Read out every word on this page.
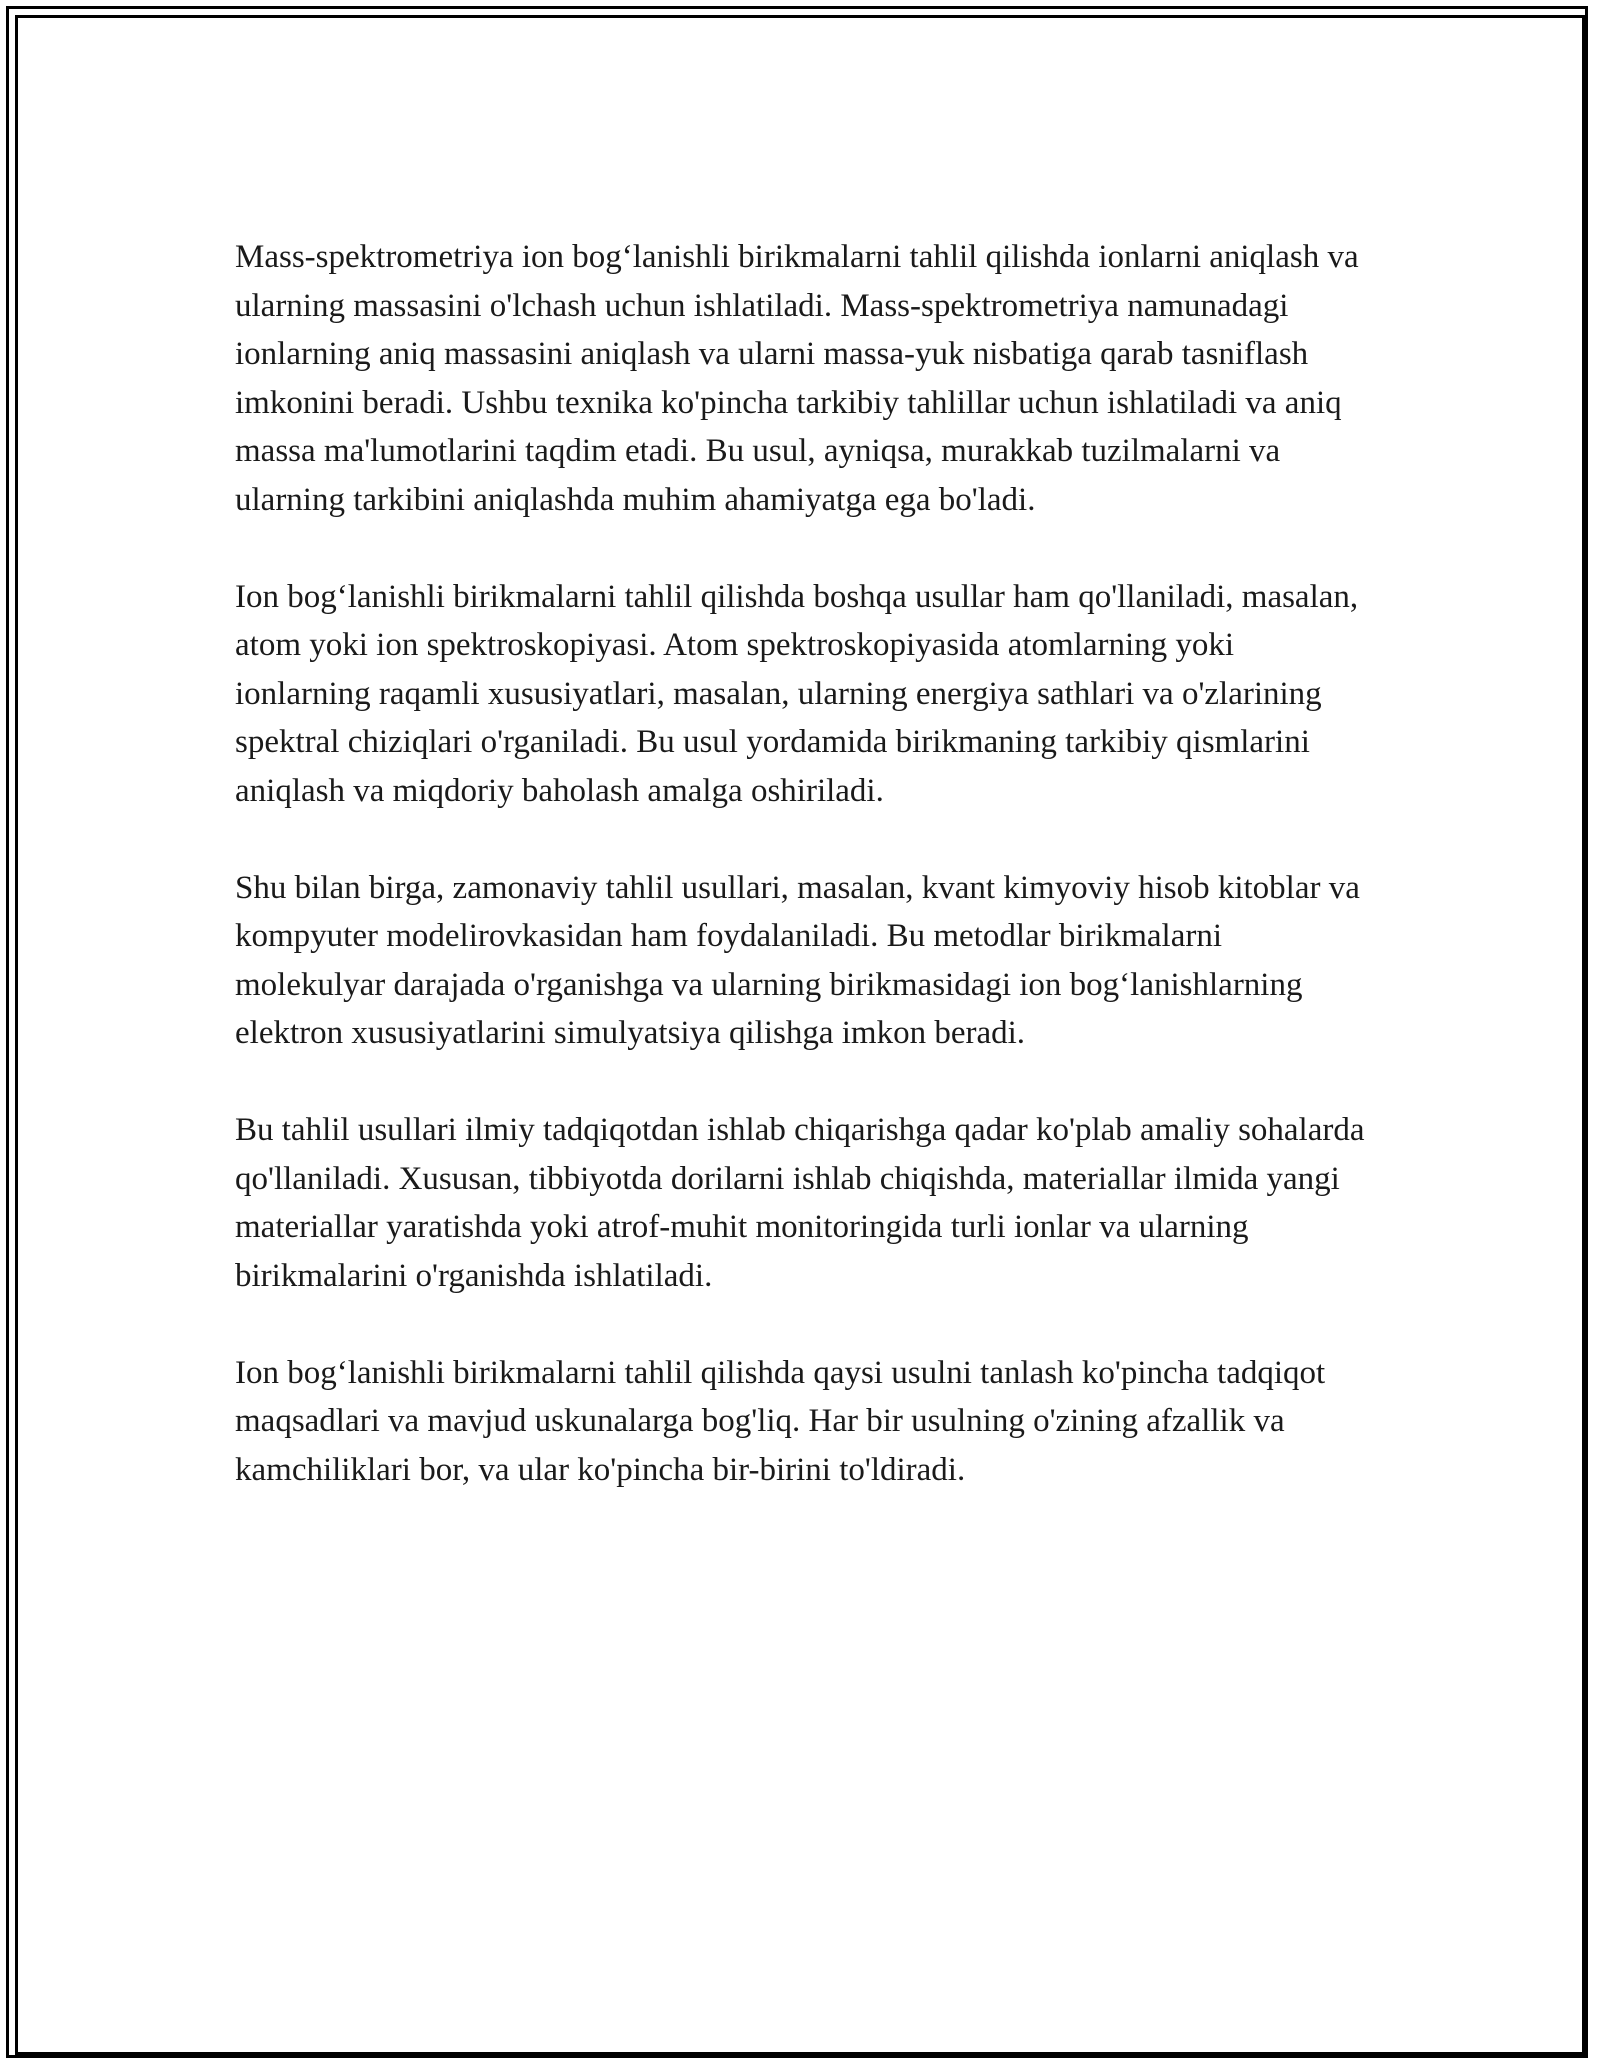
Mass-spektrometriya ion bog‘lanishli birikmalarni tahlil qilishda ionlarni aniqlash va ularning massasini o'lchash uchun ishlatiladi. Mass-spektrometriya namunadagi ionlarning aniq massasini aniqlash va ularni massa-yuk nisbatiga qarab tasniflash imkonini beradi. Ushbu texnika ko'pincha tarkibiy tahlillar uchun ishlatiladi va aniq massa ma'lumotlarini taqdim etadi. Bu usul, ayniqsa, murakkab tuzilmalarni va ularning tarkibini aniqlashda muhim ahamiyatga ega bo'ladi.

Ion bog‘lanishli birikmalarni tahlil qilishda boshqa usullar ham qo'llaniladi, masalan, atom yoki ion spektroskopiyasi. Atom spektroskopiyasida atomlarning yoki ionlarning raqamli xususiyatlari, masalan, ularning energiya sathlari va o'zlarining spektral chiziqlari o'rganiladi. Bu usul yordamida birikmaning tarkibiy qismlarini aniqlash va miqdoriy baholash amalga oshiriladi.

Shu bilan birga, zamonaviy tahlil usullari, masalan, kvant kimyoviy hisob kitoblar va kompyuter modelirovkasidan ham foydalaniladi. Bu metodlar birikmalarni molekulyar darajada o'rganishga va ularning birikmasidagi ion bog‘lanishlarning elektron xususiyatlarini simulyatsiya qilishga imkon beradi.

Bu tahlil usullari ilmiy tadqiqotdan ishlab chiqarishga qadar ko'plab amaliy sohalarda qo'llaniladi. Xususan, tibbiyotda dorilarni ishlab chiqishda, materiallar ilmida yangi materiallar yaratishda yoki atrof-muhit monitoringida turli ionlar va ularning birikmalarini o'rganishda ishlatiladi.

Ion bog‘lanishli birikmalarni tahlil qilishda qaysi usulni tanlash ko'pincha tadqiqot maqsadlari va mavjud uskunalarga bog'liq. Har bir usulning o'zining afzallik va kamchiliklari bor, va ular ko'pincha bir-birini to'ldiradi.
